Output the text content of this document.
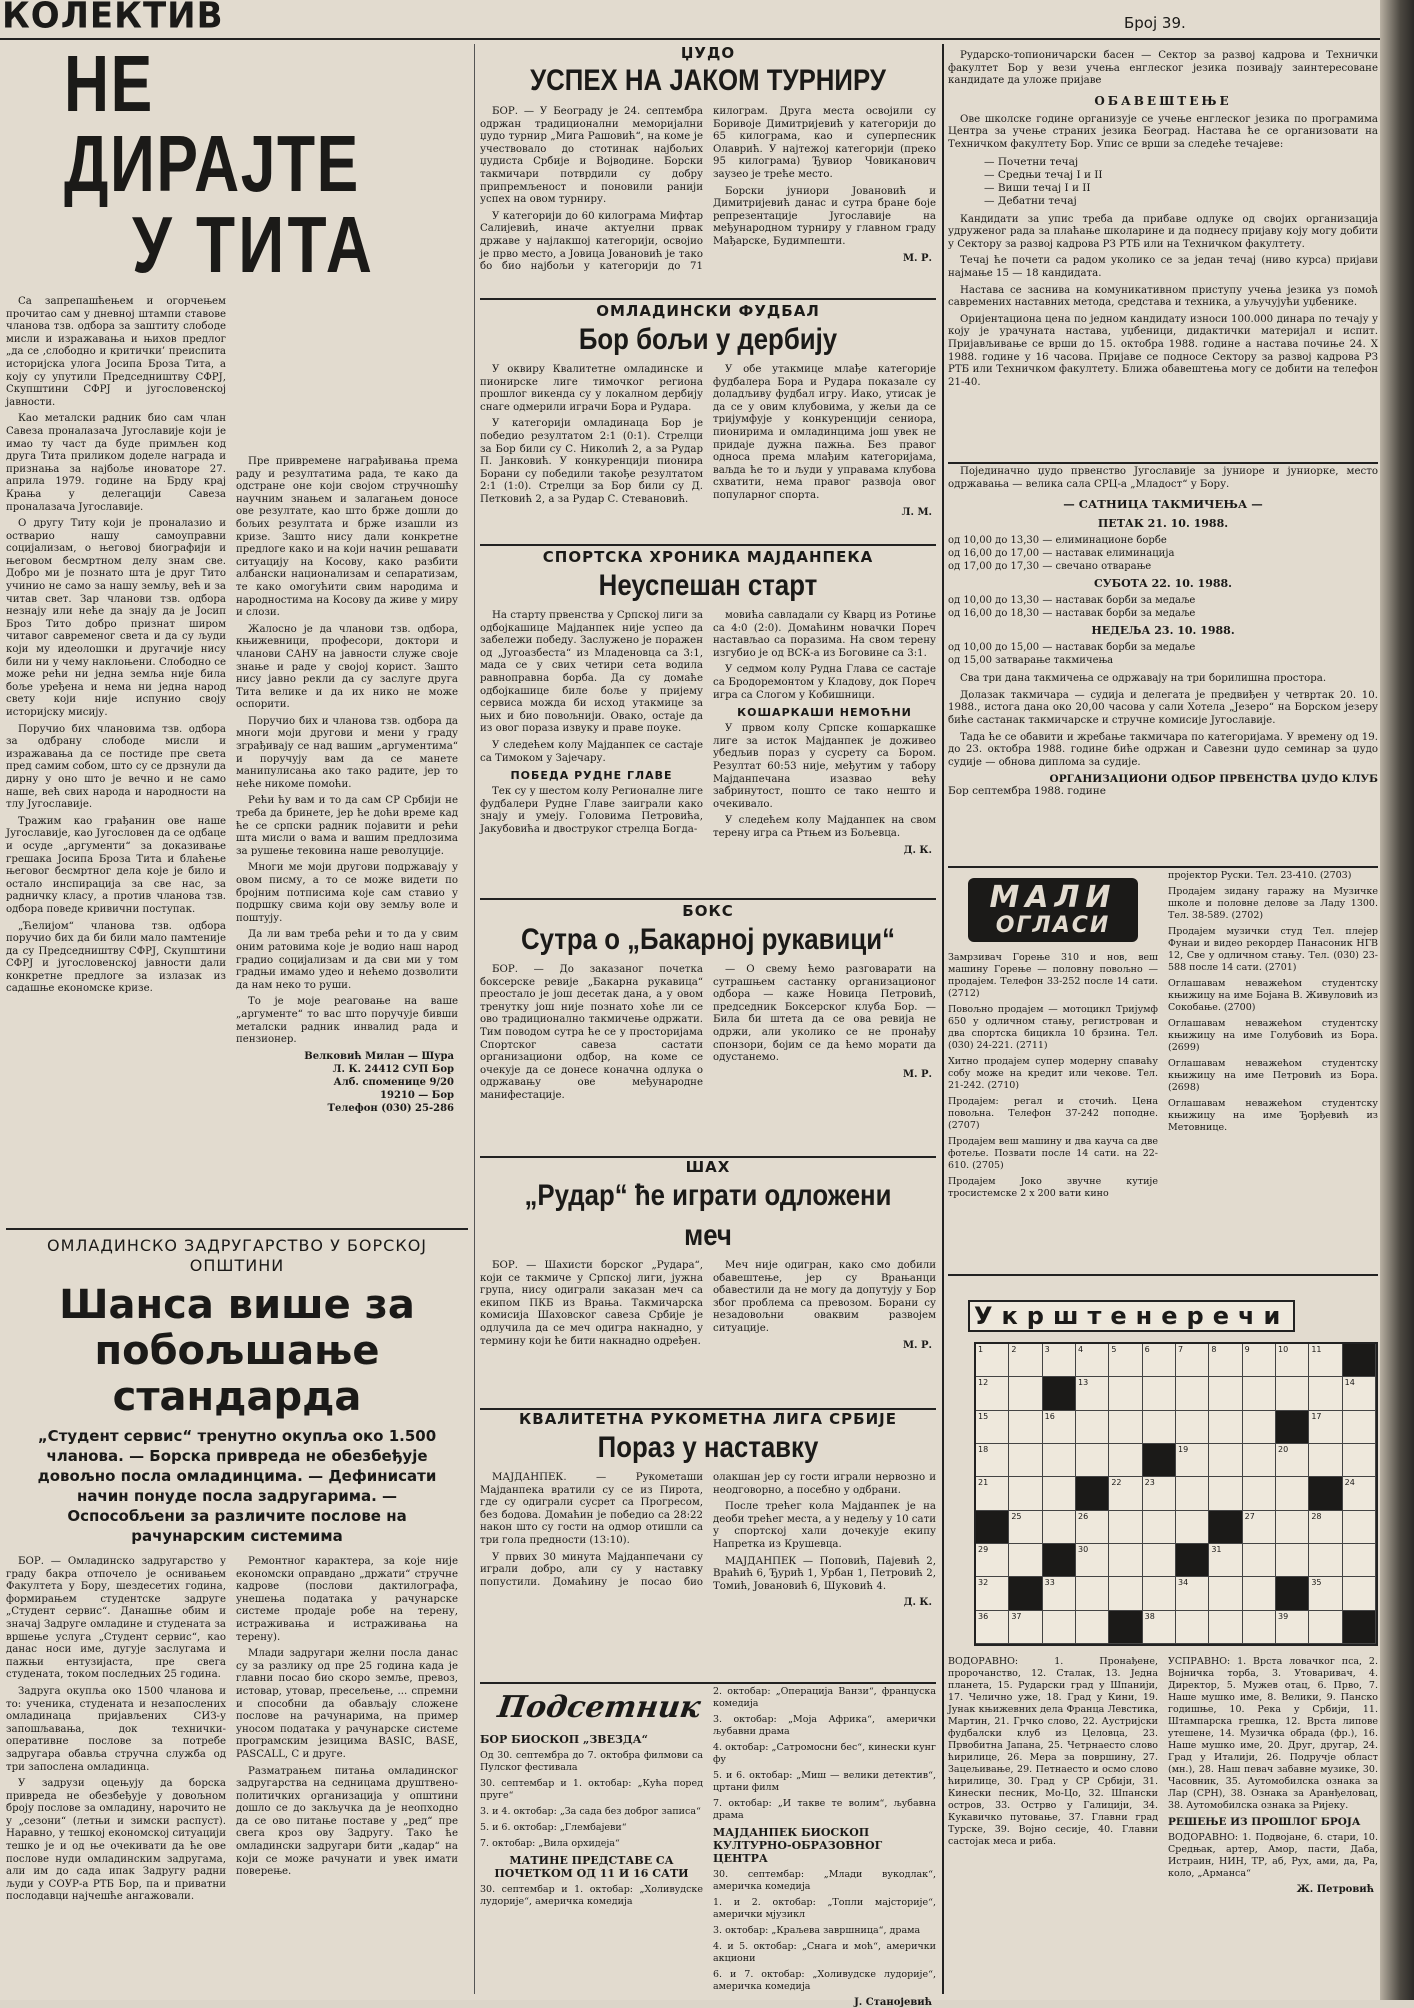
КОЛЕКТИВ	Број 39.
НЕ ДИРАЈТЕ
У ТИТА

Са запрепашћењем и огорчењем прочитао сам у дневној штампи ставове чланова тзв. одбора за заштиту слободе мисли и изражавања и њихов предлог „да се ,слободно и критички’ преиспита историјска улога Јосипа Броза Тита, а коју су упутили Председништву СФРЈ, Скупштини СФРЈ и југословенској јавности.

Као металски радник био сам члан Савеза проналазача Југославије који је имао ту част да буде примљен код друга Тита приликом доделе награда и признања за најбоље иноваторе 27. априла 1979. године на Брду крај Крања у делегацији Савеза проналазача Југославије.

О другу Титу који је проналазио и остварио нашу самоуправни социјализам, о његовој биографији и његовом бесмртном делу знам све. Добро ми је познато шта је друг Тито учинио не само за нашу земљу, већ и за читав свет. Зар чланови тзв. одбора незнају или неће да знају да је Јосип Броз Тито добро признат широм читавог савременог света и да су људи који му идеолошки и другачије нису били ни у чему наклоњени. Слободно се може рећи ни једна земља није била боље уређена и нема ни једна народ свету који није испунио своју историјску мисију.

Поручио бих члановима тзв. одбора за одбрану слободе мисли и изражавања да се постиде пре света пред самим собом, што су се дрзнули да дирну у оно што је вечно и не само наше, већ свих народа и народности на тлу Југославије.

Тражим као грађанин ове наше Југославије, као Југословен да се одбаце и осуде „аргументи“ за доказивање грешака Јосипа Броза Тита и блаћење његовог бесмртног дела које је било и остало инспирација за све нас, за радничку класу, а против чланова тзв. одбора поведе кривични поступак.

„Ћелијом“ чланова тзв. одбора поручио бих да би били мало памтеније да су Председништву СФРЈ, Скупштини СФРЈ и југословенској јавности дали конкретне предлоге за излазак из садашње економске кризе.

Пре привремене награђивања према раду и резултатима рада, те како да одстране оне који својом стручношћу научним знањем и залагањем доносе ове резултате, као што брже дошли до бољих резултата и брже изашли из кризе. Зашто нису дали конкретне предлоге како и на који начин решавати ситуацију на Косову, како разбити албански национализам и сепаратизам, те како омогућити свим народима и народностима на Косову да живе у миру и слози.

Жалосно је да чланови тзв. одбора, књижевници, професори, доктори и чланови САНУ на јавности служе своје знање и раде у својој корист. Зашто нису јавно рекли да су заслуге друга Тита велике и да их нико не може оспорити.

Поручио бих и чланова тзв. одбора да многи моји другови и мени у граду зграђивају се над вашим „аргументима“ и поручују вам да се манете манипулисања ако тако радите, јер то неће никоме помоћи.

Рећи ћу вам и то да сам СР Србији не треба да бринете, јер ће доћи време кад ће се српски радник појавити и рећи шта мисли о вама и вашим предлозима за рушење тековина наше револуције.

Многи ме моји другови подржавају у овом писму, а то се може видети по бројним потписима које сам ставио у подршку свима који ову земљу воле и поштују.

Да ли вам треба рећи и то да у свим оним ратовима које је водио наш народ градио социјализам и да сви ми у том градњи имамо удео и нећемо дозволити да нам неко то руши.

То је моје реаговање на ваше „аргументе“ то вас што поручује бивши металски радник инвалид рада и пензионер.

Велковић Милан — Шура
Л. К. 24412 СУП Бор
Алб. споменице 9/20
19210 — Бор
Телефон (030) 25-286
ОМЛАДИНСКО ЗАДРУГАРСТВО У БОРСКОЈ ОПШТИНИ
Шанса више за побољшање стандарда
„Студент сервис“ тренутно окупља око 1.500 чланова. — Борска привреда не обезбеђује довољно посла омладинцима. — Дефинисати начин понуде посла задругарима. — Оспособљени за различите послове на рачунарским системима

БОР. — Омладинско задругарство у граду бакра отпочело је оснивањем Факултета у Бору, шездесетих година, формирањем студентске задруге „Студент сервис“. Данашње обим и значај Задруге омладине и студената за вршење услуга „Студент сервис“, као данас носи име, дугује заслугама и пажњи ентузијаста, пре свега студената, током последњих 25 година.

Задруга окупља око 1500 чланова и то: ученика, студената и незапослених омладинаца пријављених СИЗ-у запошљавања, док технички-оперативне послове за потребе задругара обавља стручна служба од три запослена омладинца.

У задрузи оцењују да борска привреда не обезбеђује у довољном броју послове за омладину, нарочито не у „сезони“ (летњи и зимски распуст). Наравно, у тешкој економској ситуацији тешко је и од ње очекивати да ће ове послове нуди омладинским задругама, али им до сада ипак Задругу радни људи у СОУР-а РТБ Бор, па и приватни послодавци најчешће ангажовали.

Ремонтног карактера, за које није економски оправдано „држати“ стручне кадрове (послови дактилографа, унешења података у рачунарске системе продаје робе на терену, истраживања и истраживања на терену).

Млади задругари желни посла данас су за разлику од пре 25 година када је главни посао био скоро земље, превоз, истовар, утовар, пресељење, ... спремни и способни да обављају сложене послове на рачунарима, на пример уносом података у рачунарске системе програмским језицима BASIC, BASE, PASCALL, C и друге.

Разматрањем питања омладинског задругарства на седницама друштвено-политичких организација у општини дошло се до закључка да је неопходно да се ово питање поставе у „ред“ пре свега кроз ову Задругу. Тако ће омладински задругари бити „кадар“ на који се може рачунати и увек имати поверење.

ЏУДО
УСПЕХ НА ЈАКОМ ТУРНИРУ

БОР. — У Београду је 24. септембра одржан традиционални меморијални џудо турнир „Мига Рашовић“, на коме је учествовало до стотинак најбољих џудиста Србије и Војводине. Борски такмичари потврдили су добру припремљеност и поновили ранији успех на овом турниру.

У категорији до 60 килограма Мифтар Салијевић, иначе актуелни првак државе у најлакшој категорији, освојио је прво место, а Јовица Јовановић је тако бо био најбољи у категорији до 71 килограм. Друга места освојили су Боривоје Димитријевић у категорији до 65 килограма, као и суперпесник Олаврић. У најтежој категорији (преко 95 килограма) Ђувиор Човиканович заузео је треће место.

Борски јуниори Јовановић и Димитријевић данас и сутра бране боје репрезентације Југославије на међународном турниру у главном граду Мађарске, Будимпешти.

М. Р.
ОМЛАДИНСКИ ФУДБАЛ
Бор бољи у дербију

У оквиру Квалитетне омладинске и пионирске лиге тимочког региона прошлог викенда су у локалном дербију снаге одмерили играчи Бора и Рудара.

У категорији омладинаца Бор је победио резултатом 2:1 (0:1). Стрелци за Бор били су С. Николић 2, а за Рудар П. Јанковић. У конкуренцији пионира Борани су победили такође резултатом 2:1 (1:0). Стрелци за Бор били су Д. Петковић 2, а за Рудар С. Стевановић.

У обе утакмице млађе категорије фудбалера Бора и Рудара показале су доладљиву фудбал игру. Иако, утисак је да се у овим клубовима, у жељи да се тријумфује у конкуренцији сениора, пионирима и омладинцима још увек не придаје дужна пажња. Без правог односа према млађим категоријама, ваљда ће то и људи у управама клубова схватити, нема правог развоја овог популарног спорта.

Л. М.
СПОРТСКА ХРОНИКА МАЈДАНПЕКА
Неуспешан старт

На старту првенства у Српској лиги за одбојкашице Мајданпек није успео да забележи победу. Заслужено је поражен од „Југоазбеста“ из Младеновца са 3:1, мада се у свих четири сета водила равноправна борба. Да су домаће одбојкашице биле боље у пријему сервиса можда би исход утакмице за њих и био повољнији. Овако, остаје да из овог пораза извуку и праве поуке.

У следећем колу Мајданпек се састаје са Тимоком у Зајечару.

ПОБЕДА РУДНЕ ГЛАВЕ

Тек су у шестом колу Регионалне лиге фудбалери Рудне Главе заиграли како знају и умеју. Головима Петровића, Јакубовића и двоструког стрелца Богда-

мовића савладали су Кварц из Ротиње са 4:0 (2:0). Домаћинм новачки Пореч настављао са поразима. На свом терену изгубио је од ВСК-а из Боговине са 3:1.

У седмом колу Рудна Глава се састаје са Бродоремонтом у Кладову, док Пореч игра са Слогом у Кобишници.

КОШАРКАШИ НЕМОЋНИ

У првом колу Српске кошаркашке лиге за исток Мајданпек је доживео убедљив пораз у сусрету са Бором. Резултат 60:53 није, међутим у табору Мајданпечана изазвао већу забринутост, пошто се тако нешто и очекивало.

У следећем колу Мајданпек на свом терену игра са Ртњем из Бољевца.

Д. К.
БОКС
Сутра о „Бакарној рукавици“

БОР. — До заказаног почетка боксерске ревије „Бакарна рукавица“ преостало је још десетак дана, а у овом тренутку још није познато хоће ли се ово традиционално такмичење одржати. Тим поводом сутра ће се у просторијама Спортског савеза састати организациони одбор, на коме се очекује да се донесе коначна одлука о одржавању ове међународне манифестације.

— О свему ћемо разговарати на сутрашњем састанку организационог одбора — каже Новица Петровић, председник Боксерског клуба Бор. — Била би штета да се ова ревија не одржи, али уколико се не пронађу спонзори, бојим се да ћемо морати да одустанемо.

М. Р.
ШАХ
„Рудар“ ће играти одложени меч

БОР. — Шахисти борског „Рудара“, који се такмиче у Српској лиги, јужна група, нису одиграли заказан меч са екипом ПКБ из Врања. Такмичарска комисија Шаховског савеза Србије је одлучила да се меч одигра накнадно, у термину који ће бити накнадно одређен.

Меч није одигран, како смо добили обавештење, јер су Врањанци обавестили да не могу да допутују у Бор због проблема са превозом. Борани су незадовољни оваквим развојем ситуације.

М. Р.
КВАЛИТЕТНА РУКОМЕТНА ЛИГА СРБИЈЕ
Пораз у наставку

МАЈДАНПЕК. — Рукометаши Мајданпека вратили су се из Пирота, где су одиграли сусрет са Прогресом, без бодова. Домаћин је победио са 28:22 након што су гости на одмор отишли са три гола предности (13:10).

У првих 30 минута Мајданпечани су играли добро, али су у наставку попустили. Домаћину је посао био олакшан јер су гости играли нервозно и неодговорно, а посебно у одбрани.

После трећег кола Мајданпек је на деоби трећег места, а у недељу у 10 сати у спортској хали дочекује екипу Напретка из Крушевца.

МАЈДАНПЕК — Поповић, Пајевић 2, Враћић 6, Ђурић 1, Урбан 1, Петровић 2, Томић, Јовановић 6, Шуковић 4.

Д. К.
Подсетник
БОР БИОСКОП „ЗВЕЗДА“

Од 30. септембра до 7. октобра филмови са Пулског фестивала

30. септембар и 1. октобар: „Кућа поред пруге“

3. и 4. октобар: „За сада без доброг записа“

5. и 6. октобар: „Глембајеви“

7. октобар: „Вила орхидеја“

МАТИНЕ ПРЕДСТАВЕ СА ПОЧЕТКОМ ОД 11 И 16 САТИ

30. септембар и 1. октобар: „Холивудске лудорије“, америчка комедија

2. октобар: „Операција Ванзи“, француска комедија

3. октобар: „Моја Африка“, амерички љубавни драма

4. октобар: „Сатромосни бес“, кинески кунг фу

5. и 6. октобар: „Миш — велики детектив“, цртани филм

7. октобар: „И такве те волим“, љубавна драма

МАЈДАНПЕК БИОСКОП КУЛТУРНО-ОБРАЗОВНОГ ЦЕНТРА

30. септембар: „Млади вукодлак“, америчка комедија

1. и 2. октобар: „Топли мајсторије“, амерички мјузикл

3. октобар: „Краљева завршница“, драма

4. и 5. октобар: „Снага и моћ“, амерички акциони

6. и 7. октобар: „Холивудске лудорије“, америчка комедија

Ј. Станојевић

Рударско-топионичарски басен — Сектор за развој кадрова и Технички факултет Бор у вези учења енглеског језика позивају заинтересоване кандидате да уложе пријаве

ОБАВЕШТЕЊЕ

Ове школске године организује се учење енглеског језика по програмима Центра за учење страних језика Београд. Настава ће се организовати на Техничком факултету Бор. Упис се врши за следеће течајеве:

— Почетни течај
— Средњи течај I и II
— Виши течај I и II
— Дебатни течај

Кандидати за упис треба да прибаве одлуке од својих организација удруженог рада за плаћање школарине и да поднесу пријаву коју могу добити у Сектору за развој кадрова РЗ РТБ или на Техничком факултету.

Течај ће почети са радом уколико се за један течај (ниво курса) пријави најмање 15 — 18 кандидата.

Настава се заснива на комуникативном приступу учења језика уз помоћ савремених наставних метода, средстава и техника, а уључујући уџбенике.

Оријентациона цена по једном кандидату износи 100.000 динара по течају у коју је урачуната настава, уџбеници, дидактички материјал и испит. Пријављивање се врши до 15. октобра 1988. године а настава почиње 24. X 1988. године у 16 часова. Пријаве се подносе Сектору за развој кадрова РЗ РТБ или Техничком факултету. Ближа обавештења могу се добити на телефон 21-40.

Појединачно џудо првенство Југославије за јуниоре и јуниорке, место одржавања — велика сала СРЦ-а „Младост“ у Бору.

— САТНИЦА ТАКМИЧЕЊА —
ПЕТАК 21. 10. 1988.

од 10,00 до 13,30 — елиминационе борбе

од 16,00 до 17,00 — наставак елиминација

од 17,00 до 17,30 — свечано отварање

СУБОТА 22. 10. 1988.

од 10,00 до 13,30 — наставак борби за медаље

од 16,00 до 18,30 — наставак борби за медаље

НЕДЕЉА 23. 10. 1988.

од 10,00 до 15,00 — наставак борби за медаље

од 15,00 затварање такмичења

Сва три дана такмичења се одржавају на три борилишна простора.

Долазак такмичара — судија и делегата је предвиђен у четвртак 20. 10. 1988., истога дана око 20,00 часова у сали Хотела „Језеро“ на Борском језеру биће састанак такмичарске и стручне комисије Југославије.

Тада ће се обавити и жребање такмичара по категоријама. У времену од 19. до 23. октобра 1988. године биће одржан и Савезни џудо семинар за џудо судије — обнова диплома за судије.

ОРГАНИЗАЦИОНИ ОДБОР ПРВЕНСТВА ЏУДО КЛУБ
Бор септембра 1988. године
МАЛИ
ОГЛАСИ

Замрзивач Горење 310 и нов, веш машину Горење — половну повољно — продајем. Телефон 33-252 после 14 сати. (2712)

Повољно продајем — мотоцикл Тријумф 650 у одличном стању, регистрован и два спортска бицикла 10 брзина. Тел. (030) 24-221. (2711)

Хитно продајем супер модерну спаваћу собу може на кредит или чекове. Тел. 21-242. (2710)

Продајем: регал и сточић. Цена повољна. Телефон 37-242 поподне. (2707)

Продајем веш машину и два кауча са две фотеље. Позвати после 14 сати. на 22-610. (2705)

Продајем Јоко звучне кутије тросистемске 2 x 200 вати кино

пројектор Руски. Тел. 23-410. (2703)

Продајем зидану гаражу на Музичке школе и половне делове за Ладу 1300. Тел. 38-589. (2702)

Продајем музички студ Тел. плејер Фунаи и видео рекордер Панасоник НГВ 12, Све у одличном стању. Тел. (030) 23-588 после 14 сати. (2701)

Оглашавам неважећом студентску књижицу на име Бојана В. Живуловић из Сокобање. (2700)

Оглашавам неважећом студентску књижицу на име Голубовић из Бора. (2699)

Оглашавам неважећом студентску књижицу на име Петровић из Бора. (2698)

Оглашавам неважећом студентску књижицу на име Ђорђевић из Метовнице.

Укрштенеречи
1	2	3	4	5	6	7	8	9	10	11
12	13	14
15	16	17
18	19	20
21	22	23	24
25	26	27	28
29	30	31
32	33	34	35
36	37	38	39

ВОДОРАВНО: 1. Пронађене, пророчанство, 12. Сталак, 13. Једна планета, 15. Рударски град у Шпанији, 17. Челично уже, 18. Град у Кини, 19. Јунак књижевних дела Франца Левстика, Мартин, 21. Грчко слово, 22. Аустријски фудбалски клуб из Целовца, 23. Првобитна Јапана, 25. Четрнаесто слово ћирилице, 26. Мера за површину, 27. Зацељивање, 29. Петнаесто и осмо слово ћирилице, 30. Град у СР Србији, 31. Кинески песник, Мо-Цо, 32. Шпански остров, 33. Острво у Галицији, 34. Кукавичко путовање, 37. Главни град Турске, 39. Војно сесије, 40. Главни састојак меса и риба.

УСПРАВНО: 1. Врста ловачког пса, 2. Војничка торба, 3. Утоваривач, 4. Директор, 5. Мужев отац, 6. Прво, 7. Наше мушко име, 8. Велики, 9. Панско годишње, 10. Река у Србији, 11. Штампарска грешка, 12. Врста липове утешене, 14. Музичка обрада (фр.), 16. Наше мушко име, 20. Друг, другар, 24. Град у Италији, 26. Подручје област (мн.), 28. Наш певач забавне музике, 30. Часовник, 35. Аутомобилска ознака за Лар (СРН), 38. Ознака за Аранђеловац, 38. Аутомобилска ознака за Ријеку.

РЕШЕЊЕ ИЗ ПРОШЛОГ БРОЈА

ВОДОРАВНО: 1. Подвојане, 6. стари, 10. Средњак, артер, Амор, пасти, Даба, Истраин, НИН, ТР, аб, Рух, ами, да, Ра, коло, „Арманса“

Ж. Петровић
